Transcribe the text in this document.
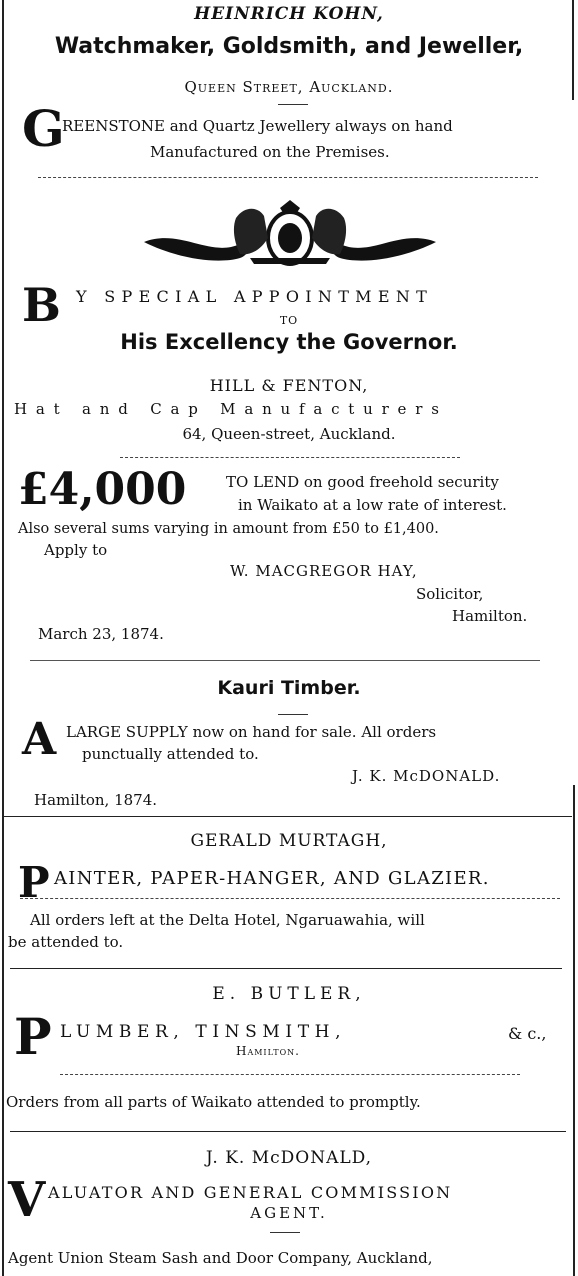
HEINRICH KOHN,
Watchmaker, Goldsmith, and Jeweller,
Queen Street, Auckland.
G
REENSTONE and Quartz Jewellery always on hand
Manufactured on the Premises.
B Y SPECIAL APPOINTMENT
TO
His Excellency the Governor.
HILL & FENTON,
Hat and Cap Manufacturers
64, Queen-street, Auckland.
£4,000	TO LEND on good freehold security
in Waikato at a low rate of interest.
Also several sums varying in amount from £50 to £1,400.
Apply to
W. MACGREGOR HAY,
Solicitor,
Hamilton.
March 23, 1874.
Kauri Timber.
A LARGE SUPPLY now on hand for sale. All orders
punctually attended to.
J. K. McDONALD.
Hamilton, 1874.
GERALD MURTAGH,
P AINTER, PAPER-HANGER, AND GLAZIER.
All orders left at the Delta Hotel, Ngaruawahia, will
be attended to.
E. BUTLER,
P LUMBER, TINSMITH,	& c.,
Hamilton.
Orders from all parts of Waikato attended to promptly.
J. K. McDONALD,
V ALUATOR AND GENERAL COMMISSION
AGENT.
Agent Union Steam Sash and Door Company, Auckland,
